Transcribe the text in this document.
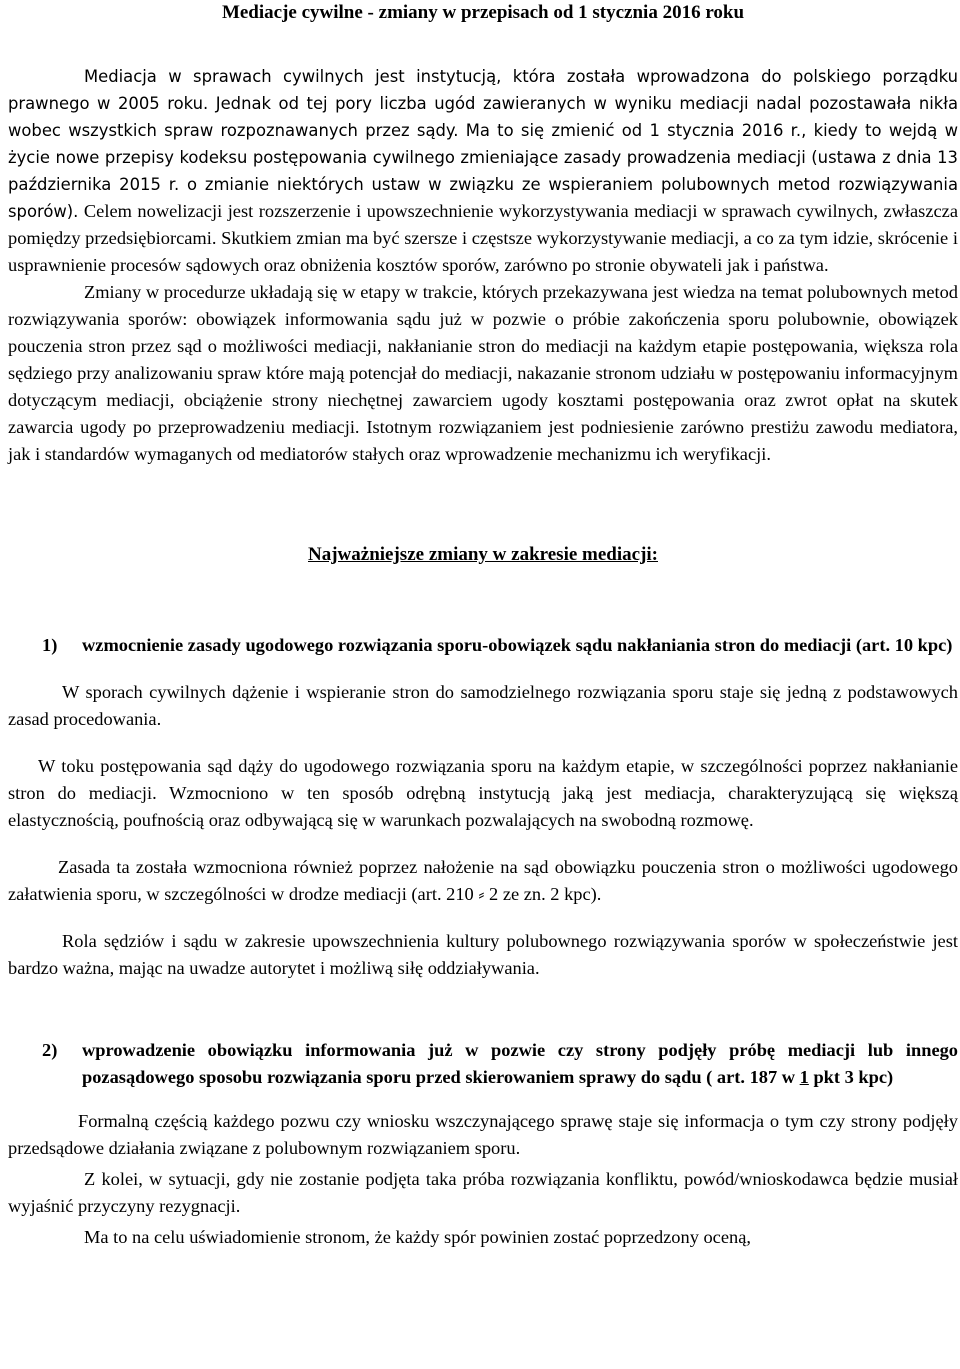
Mediacje cywilne - zmiany w przepisach od 1 stycznia 2016 roku

Mediacja w sprawach cywilnych jest instytucją, która została wprowadzona do polskiego porządku prawnego w 2005 roku. Jednak od tej pory liczba ugód zawieranych w wyniku mediacji nadal pozostawała nikła wobec wszystkich spraw rozpoznawanych przez sądy. Ma to się zmienić od 1 stycznia 2016 r., kiedy to wejdą w życie nowe przepisy kodeksu postępowania cywilnego zmieniające zasady prowadzenia mediacji (ustawa z dnia 13 października 2015 r. o zmianie niektórych ustaw w związku ze wspieraniem polubownych metod rozwiązywania sporów). Celem nowelizacji jest rozszerzenie i upowszechnienie wykorzystywania mediacji w sprawach cywilnych, zwłaszcza pomiędzy przedsiębiorcami. Skutkiem zmian ma być szersze i częstsze wykorzystywanie mediacji, a co za tym idzie, skrócenie i usprawnienie procesów sądowych oraz obniżenia kosztów sporów, zarówno po stronie obywateli jak i państwa.

Zmiany w procedurze układają się w etapy w trakcie, których przekazywana jest wiedza na temat polubownych metod rozwiązywania sporów: obowiązek informowania sądu już w pozwie o próbie zakończenia sporu polubownie, obowiązek pouczenia stron przez sąd o możliwości mediacji, nakłanianie stron do mediacji na każdym etapie postępowania, większa rola sędziego przy analizowaniu spraw które mają potencjał do mediacji, nakazanie stronom udziału w postępowaniu informacyjnym dotyczącym mediacji, obciążenie strony niechętnej zawarciem ugody kosztami postępowania oraz zwrot opłat na skutek zawarcia ugody po przeprowadzeniu mediacji. Istotnym rozwiązaniem jest podniesienie zarówno prestiżu zawodu mediatora, jak i standardów wymaganych od mediatorów stałych oraz wprowadzenie mechanizmu ich weryfikacji.

Najważniejsze zmiany w zakresie mediacji:
1)	wzmocnienie zasady ugodowego rozwiązania sporu-obowiązek sądu nakłaniania stron do mediacji (art. 10 kpc)

W sporach cywilnych dążenie i wspieranie stron do samodzielnego rozwiązania sporu staje się jedną z podstawowych zasad procedowania.

W toku postępowania sąd dąży do ugodowego rozwiązania sporu na każdym etapie, w szczególności poprzez nakłanianie stron do mediacji. Wzmocniono w ten sposób odrębną instytucją jaką jest mediacja, charakteryzującą się większą elastycznością, poufnością oraz odbywającą się w warunkach pozwalających na swobodną rozmowę.

Zasada ta została wzmocniona również poprzez nałożenie na sąd obowiązku pouczenia stron o możliwości ugodowego załatwienia sporu, w szczególności w drodze mediacji (art. 210 ⸗ 2 ze zn. 2 kpc).

Rola sędziów i sądu w zakresie upowszechnienia kultury polubownego rozwiązywania sporów w społeczeństwie jest bardzo ważna, mając na uwadze autorytet i możliwą siłę oddziaływania.

2)	wprowadzenie obowiązku informowania już w pozwie czy strony podjęły próbę mediacji lub innego pozasądowego sposobu rozwiązania sporu przed skierowaniem sprawy do sądu ( art. 187 w 1 pkt 3 kpc)

Formalną częścią każdego pozwu czy wniosku wszczynającego sprawę staje się informacja o tym czy strony podjęły przedsądowe działania związane z polubownym rozwiązaniem sporu.

Z kolei, w sytuacji, gdy nie zostanie podjęta taka próba rozwiązania konfliktu, powód/wnioskodawca będzie musiał wyjaśnić przyczyny rezygnacji.

Ma to na celu uświadomienie stronom, że każdy spór powinien zostać poprzedzony oceną,
